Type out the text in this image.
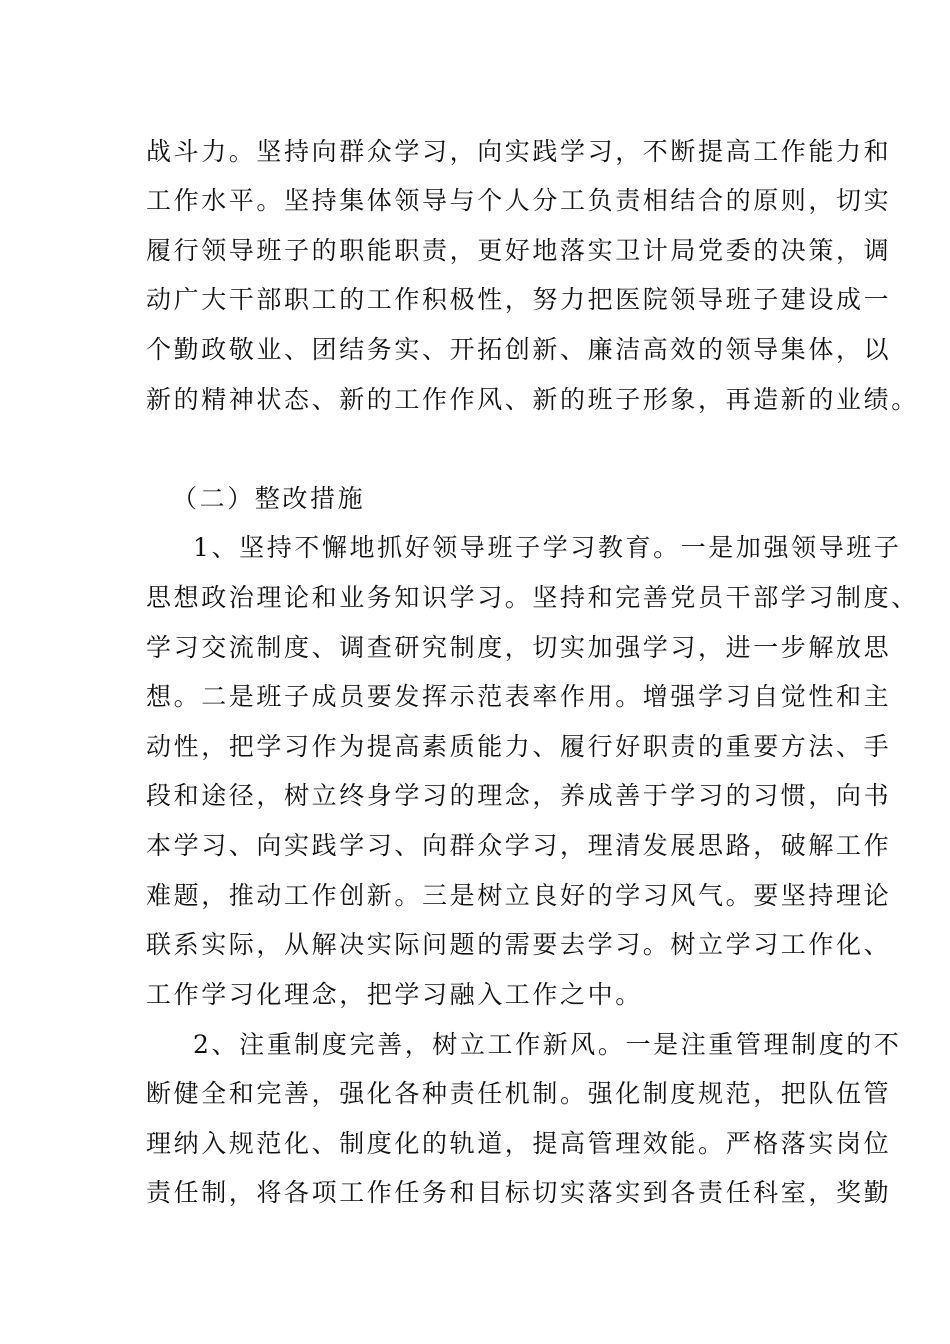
战斗力。坚持向群众学习，向实践学习，不断提高工作能力和
工作水平。坚持集体领导与个人分工负责相结合的原则，切实
履行领导班子的职能职责，更好地落实卫计局党委的决策，调
动广大干部职工的工作积极性，努力把医院领导班子建设成一
个勤政敬业、团结务实、开拓创新、廉洁高效的领导集体，以
新的精神状态、新的工作作风、新的班子形象，再造新的业绩。
（二）整改措施
1、坚持不懈地抓好领导班子学习教育。一是加强领导班子
思想政治理论和业务知识学习。坚持和完善党员干部学习制度、
学习交流制度、调查研究制度，切实加强学习，进一步解放思
想。二是班子成员要发挥示范表率作用。增强学习自觉性和主
动性，把学习作为提高素质能力、履行好职责的重要方法、手
段和途径，树立终身学习的理念，养成善于学习的习惯，向书
本学习、向实践学习、向群众学习，理清发展思路，破解工作
难题，推动工作创新。三是树立良好的学习风气。要坚持理论
联系实际，从解决实际问题的需要去学习。树立学习工作化、
工作学习化理念，把学习融入工作之中。
2、注重制度完善，树立工作新风。一是注重管理制度的不
断健全和完善，强化各种责任机制。强化制度规范，把队伍管
理纳入规范化、制度化的轨道，提高管理效能。严格落实岗位
责任制，将各项工作任务和目标切实落实到各责任科室，奖勤
